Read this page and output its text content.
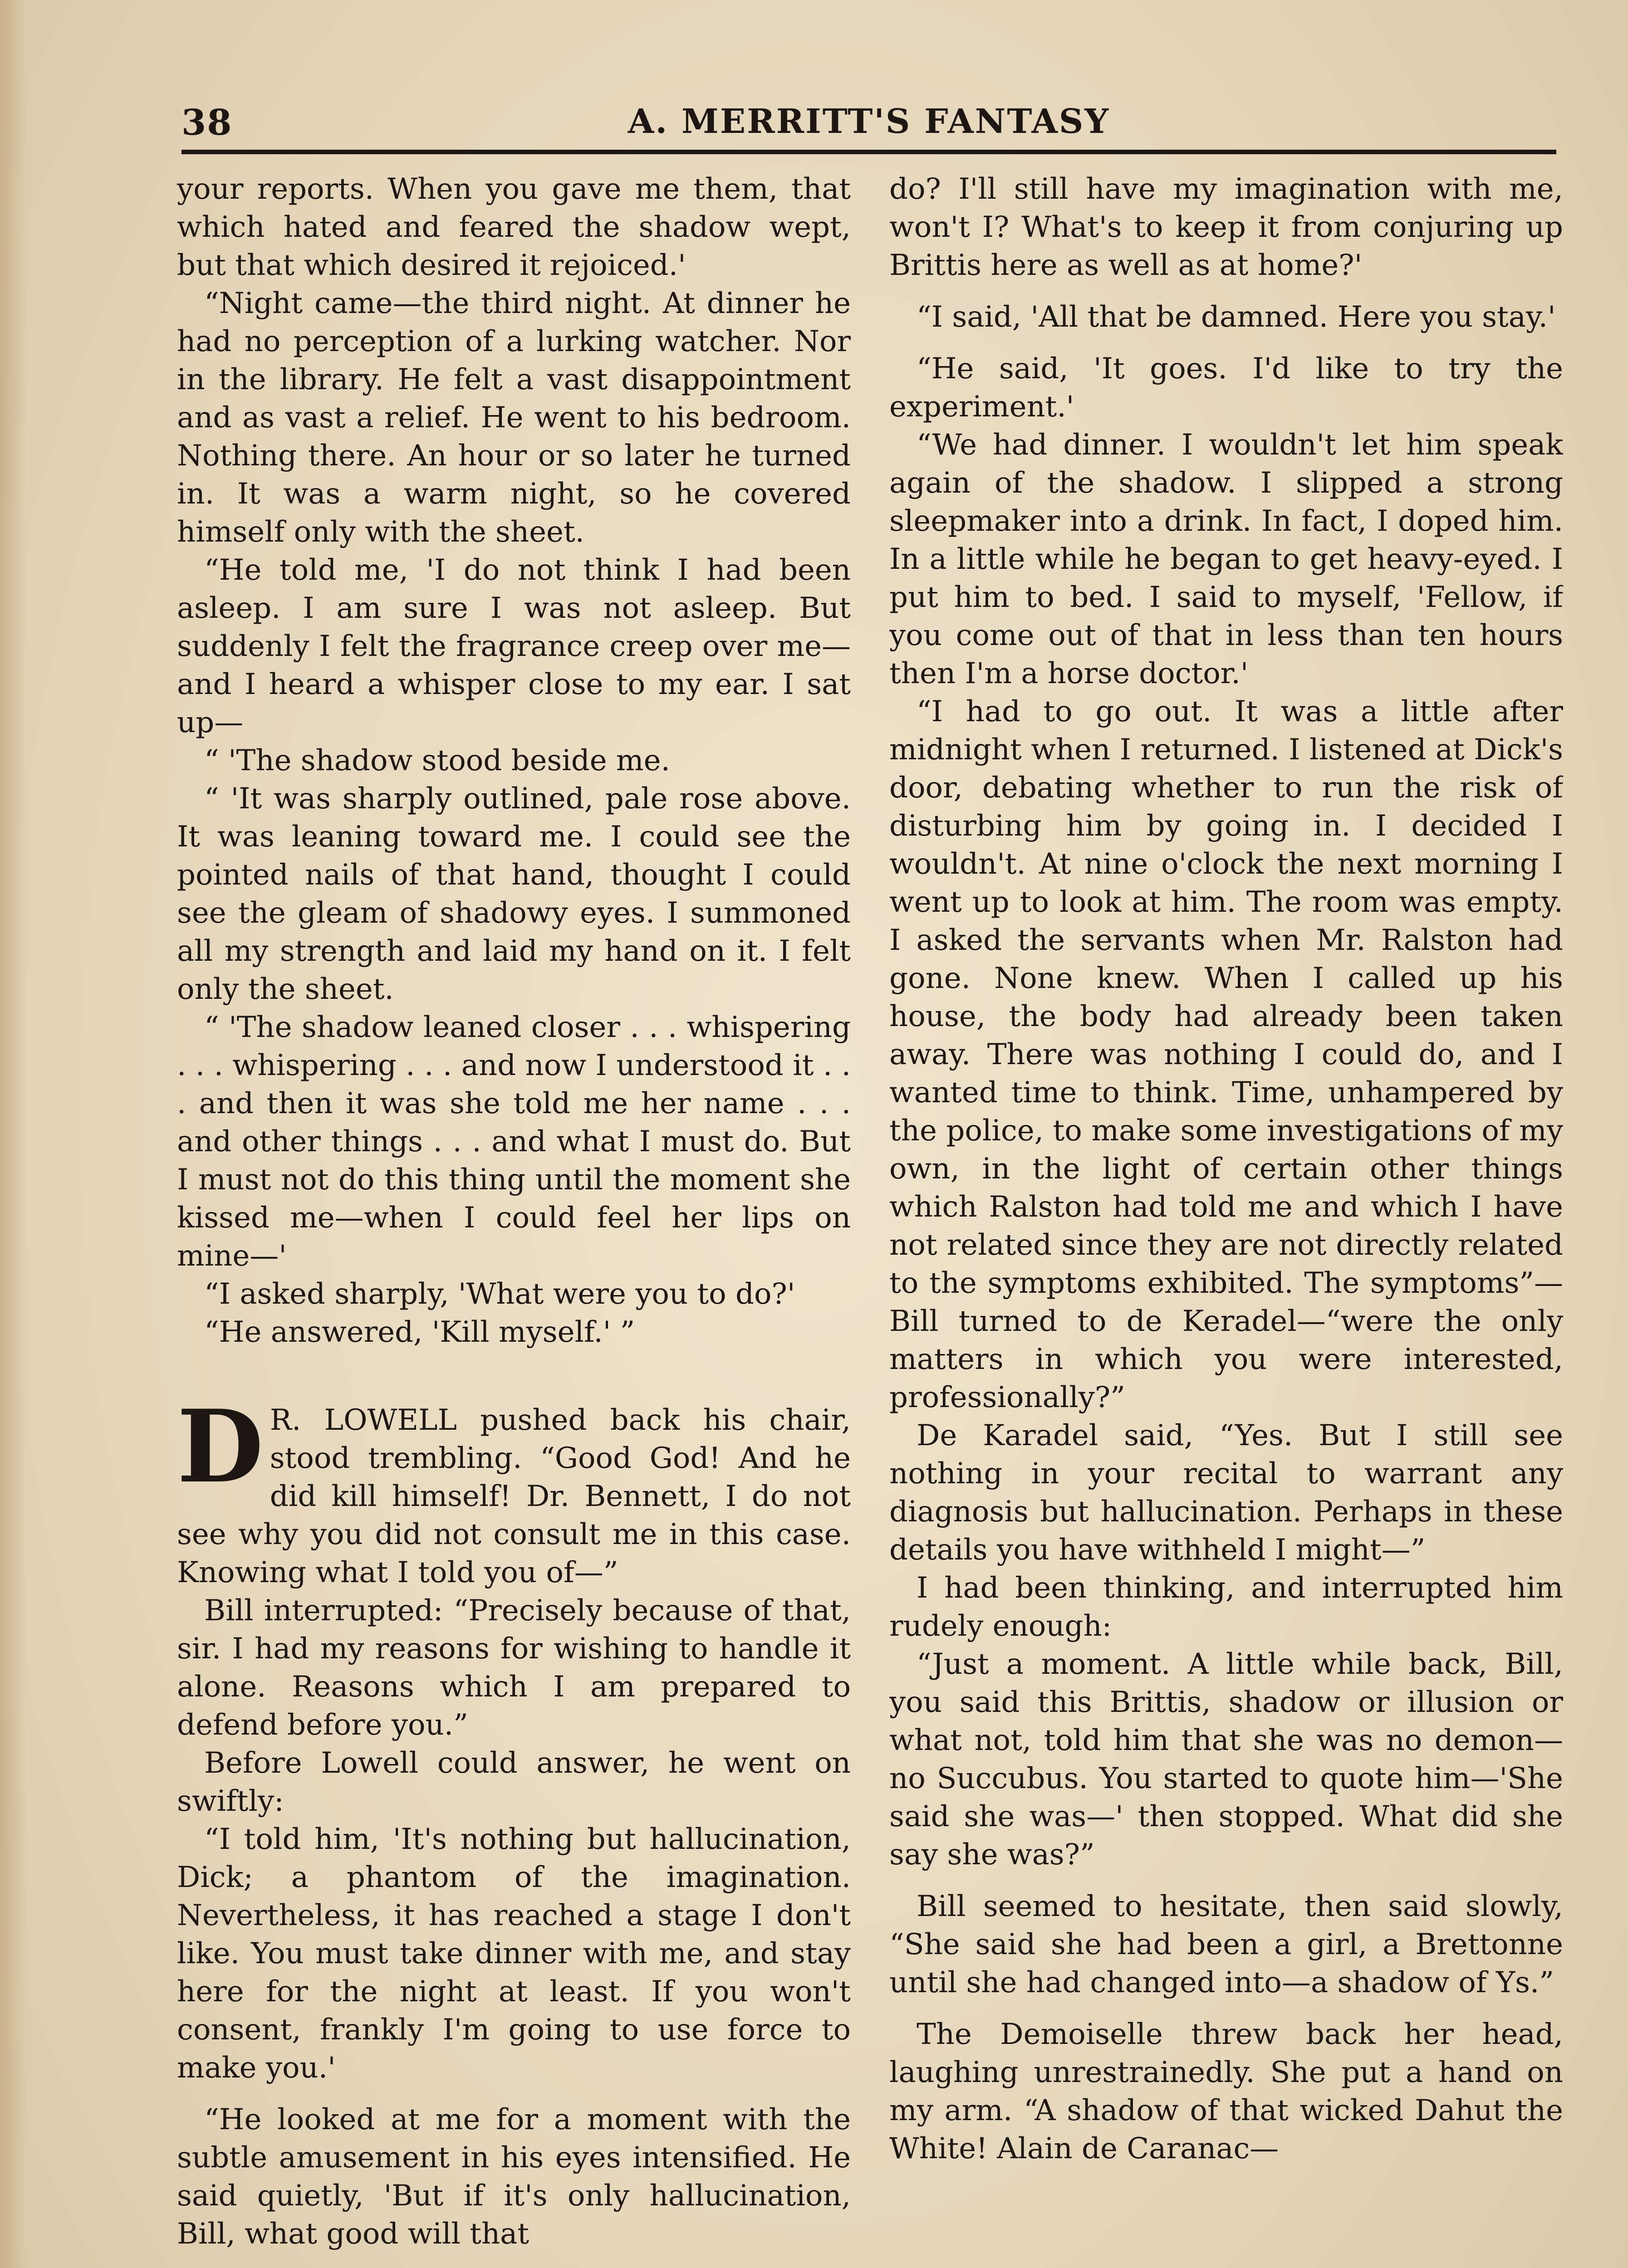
38	A. MERRITT'S FANTASY

your reports. When you gave me them, that which hated and feared the shadow wept, but that which desired it rejoiced.'

“Night came—the third night. At dinner he had no perception of a lurking watcher. Nor in the library. He felt a vast disappointment and as vast a relief. He went to his bedroom. Nothing there. An hour or so later he turned in. It was a warm night, so he covered himself only with the sheet.

“He told me, 'I do not think I had been asleep. I am sure I was not asleep. But suddenly I felt the fragrance creep over me—and I heard a whisper close to my ear. I sat up—

“ 'The shadow stood beside me.

“ 'It was sharply outlined, pale rose above. It was leaning toward me. I could see the pointed nails of that hand, thought I could see the gleam of shadowy eyes. I summoned all my strength and laid my hand on it. I felt only the sheet.

“ 'The shadow leaned closer . . . whispering . . . whispering . . . and now I understood it . . . and then it was she told me her name . . . and other things . . . and what I must do. But I must not do this thing until the moment she kissed me—when I could feel her lips on mine—'

“I asked sharply, 'What were you to do?'

“He answered, 'Kill myself.' ”

D R. LOWELL pushed back his chair, stood trembling. “Good God! And he did kill himself! Dr. Bennett, I do not see why you did not consult me in this case. Knowing what I told you of—”

Bill interrupted: “Precisely because of that, sir. I had my reasons for wishing to handle it alone. Reasons which I am prepared to defend before you.”

Before Lowell could answer, he went on swiftly:

“I told him, 'It's nothing but hallucination, Dick; a phantom of the imagination. Nevertheless, it has reached a stage I don't like. You must take dinner with me, and stay here for the night at least. If you won't consent, frankly I'm going to use force to make you.'

“He looked at me for a moment with the subtle amusement in his eyes intensified. He said quietly, 'But if it's only hallucination, Bill, what good will that

do? I'll still have my imagination with me, won't I? What's to keep it from conjuring up Brittis here as well as at home?'

“I said, 'All that be damned. Here you stay.'

“He said, 'It goes. I'd like to try the experiment.'

“We had dinner. I wouldn't let him speak again of the shadow. I slipped a strong sleepmaker into a drink. In fact, I doped him. In a little while he began to get heavy-eyed. I put him to bed. I said to myself, 'Fellow, if you come out of that in less than ten hours then I'm a horse doctor.'

“I had to go out. It was a little after midnight when I returned. I listened at Dick's door, debating whether to run the risk of disturbing him by going in. I decided I wouldn't. At nine o'clock the next morning I went up to look at him. The room was empty. I asked the servants when Mr. Ralston had gone. None knew. When I called up his house, the body had already been taken away. There was nothing I could do, and I wanted time to think. Time, unhampered by the police, to make some investigations of my own, in the light of certain other things which Ralston had told me and which I have not related since they are not directly related to the symptoms exhibited. The symptoms”—Bill turned to de Keradel—“were the only matters in which you were interested, professionally?”

De Karadel said, “Yes. But I still see nothing in your recital to warrant any diagnosis but hallucination. Perhaps in these details you have withheld I might—”

I had been thinking, and interrupted him rudely enough:

“Just a moment. A little while back, Bill, you said this Brittis, shadow or illusion or what not, told him that she was no demon—no Succubus. You started to quote him—'She said she was—' then stopped. What did she say she was?”

Bill seemed to hesitate, then said slowly, “She said she had been a girl, a Brettonne until she had changed into—a shadow of Ys.”

The Demoiselle threw back her head, laughing unrestrainedly. She put a hand on my arm. “A shadow of that wicked Dahut the White! Alain de Caranac—
